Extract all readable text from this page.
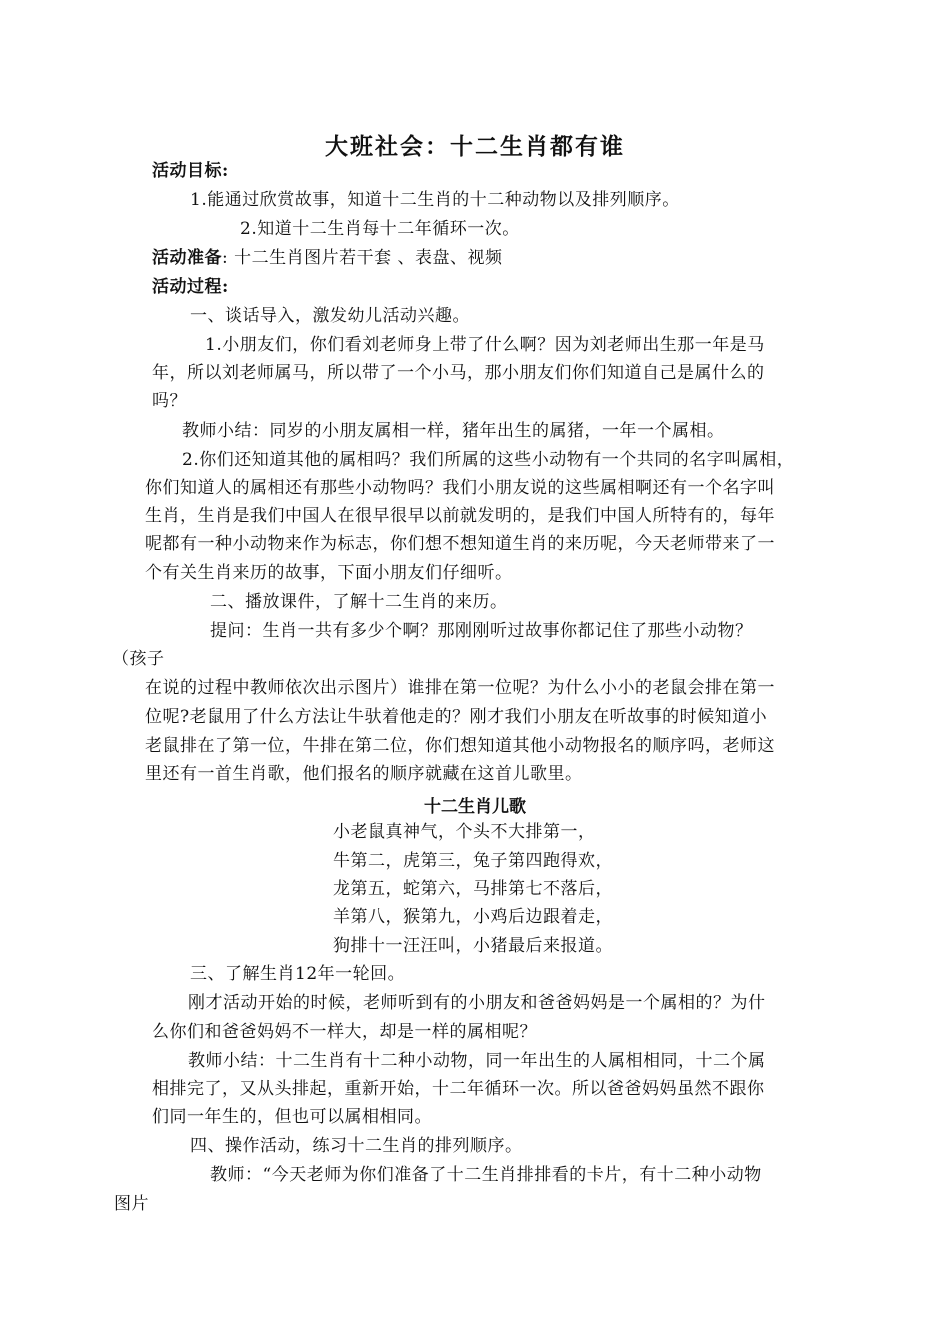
大班社会：十二生肖都有谁
活动目标:
1.能通过欣赏故事，知道十二生肖的十二种动物以及排列顺序。
2.知道十二生肖每十二年循环一次。
活动准备: 十二生肖图片若干套 、表盘、视频
活动过程:
一、谈话导入，激发幼儿活动兴趣。
1.小朋友们，你们看刘老师身上带了什么啊？因为刘老师出生那一年是马
年，所以刘老师属马，所以带了一个小马，那小朋友们你们知道自己是属什么的
吗？
教师小结：同岁的小朋友属相一样，猪年出生的属猪，一年一个属相。
2.你们还知道其他的属相吗？我们所属的这些小动物有一个共同的名字叫属相，
你们知道人的属相还有那些小动物吗？我们小朋友说的这些属相啊还有一个名字叫
生肖，生肖是我们中国人在很早很早以前就发明的，是我们中国人所特有的，每年
呢都有一种小动物来作为标志，你们想不想知道生肖的来历呢，今天老师带来了一
个有关生肖来历的故事，下面小朋友们仔细听。
二、播放课件，了解十二生肖的来历。
提问：生肖一共有多少个啊？那刚刚听过故事你都记住了那些小动物？
（孩子
在说的过程中教师依次出示图片）谁排在第一位呢？为什么小小的老鼠会排在第一
位呢?老鼠用了什么方法让牛驮着他走的？刚才我们小朋友在听故事的时候知道小
老鼠排在了第一位，牛排在第二位，你们想知道其他小动物报名的顺序吗，老师这
里还有一首生肖歌，他们报名的顺序就藏在这首儿歌里。
十二生肖儿歌
小老鼠真神气，个头不大排第一，
牛第二，虎第三，兔子第四跑得欢，
龙第五，蛇第六，马排第七不落后，
羊第八，猴第九，小鸡后边跟着走，
狗排十一汪汪叫，小猪最后来报道。
三、了解生肖12年一轮回。
刚才活动开始的时候，老师听到有的小朋友和爸爸妈妈是一个属相的？为什
么你们和爸爸妈妈不一样大，却是一样的属相呢？
教师小结：十二生肖有十二种小动物，同一年出生的人属相相同，十二个属
相排完了，又从头排起，重新开始，十二年循环一次。所以爸爸妈妈虽然不跟你
们同一年生的，但也可以属相相同。
四、操作活动，练习十二生肖的排列顺序。
教师：“今天老师为你们准备了十二生肖排排看的卡片，有十二种小动物
图片
